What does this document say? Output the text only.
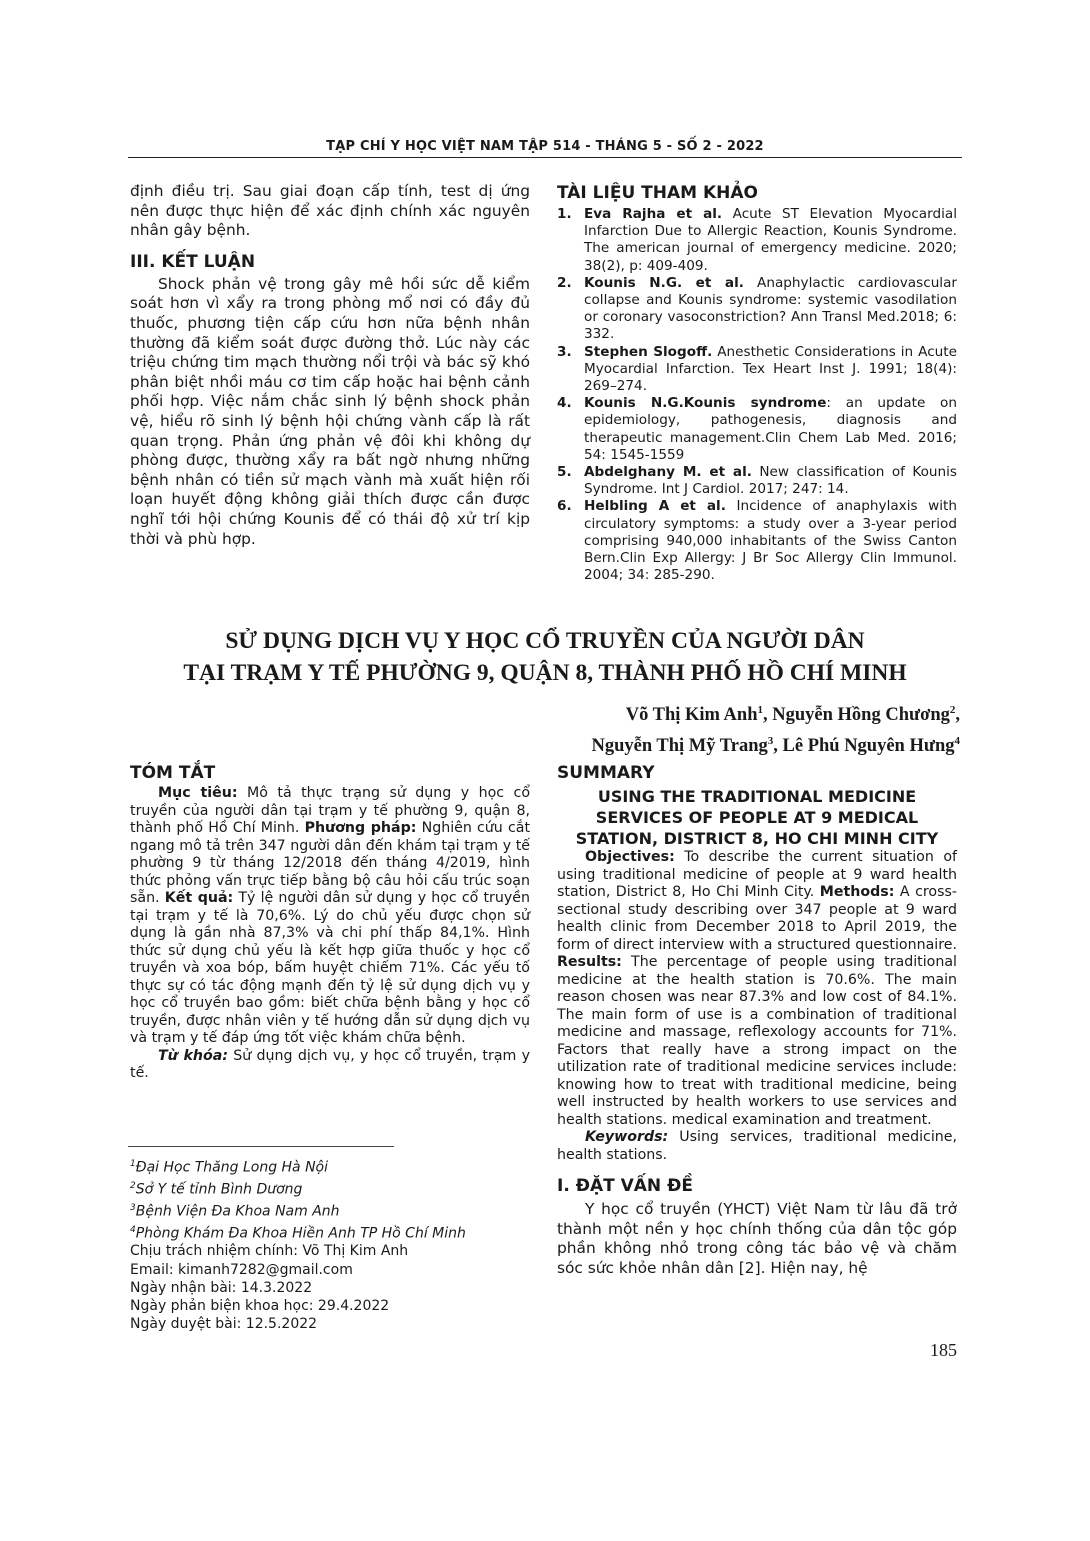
TẠP CHÍ Y HỌC VIỆT NAM TẬP 514 - THÁNG 5 - SỐ 2 - 2022

định điều trị. Sau giai đoạn cấp tính, test dị ứng nên được thực hiện để xác định chính xác nguyên nhân gây bệnh.

III. KẾT LUẬN

Shock phản vệ trong gây mê hồi sức dễ kiểm soát hơn vì xẩy ra trong phòng mổ nơi có đầy đủ thuốc, phương tiện cấp cứu hơn nữa bệnh nhân thường đã kiểm soát được đường thở. Lúc này các triệu chứng tim mạch thường nổi trội và bác sỹ khó phân biệt nhồi máu cơ tim cấp hoặc hai bệnh cảnh phối hợp. Việc nắm chắc sinh lý bệnh shock phản vệ, hiểu rõ sinh lý bệnh hội chứng vành cấp là rất quan trọng. Phản ứng phản vệ đôi khi không dự phòng được, thường xẩy ra bất ngờ nhưng những bệnh nhân có tiền sử mạch vành mà xuất hiện rối loạn huyết động không giải thích được cần được nghĩ tới hội chứng Kounis để có thái độ xử trí kịp thời và phù hợp.

TÀI LIỆU THAM KHẢO
1. Eva Rajha et al. Acute ST Elevation Myocardial Infarction Due to Allergic Reaction, Kounis Syndrome. The american journal of emergency medicine. 2020; 38(2), p: 409-409.
2. Kounis N.G. et al. Anaphylactic cardiovascular collapse and Kounis syndrome: systemic vasodilation or coronary vasoconstriction? Ann Transl Med.2018; 6: 332.
3. Stephen Slogoff. Anesthetic Considerations in Acute Myocardial Infarction. Tex Heart Inst J. 1991; 18(4): 269–274.
4. Kounis N.G.Kounis syndrome: an update on epidemiology, pathogenesis, diagnosis and therapeutic management.Clin Chem Lab Med. 2016; 54: 1545-1559
5. Abdelghany M. et al. New classification of Kounis Syndrome. Int J Cardiol. 2017; 247: 14.
6. Helbling A et al. Incidence of anaphylaxis with circulatory symptoms: a study over a 3-year period comprising 940,000 inhabitants of the Swiss Canton Bern.Clin Exp Allergy: J Br Soc Allergy Clin Immunol. 2004; 34: 285-290.
SỬ DỤNG DỊCH VỤ Y HỌC CỔ TRUYỀN CỦA NGƯỜI DÂN
TẠI TRẠM Y TẾ PHƯỜNG 9, QUẬN 8, THÀNH PHỐ HỒ CHÍ MINH
Võ Thị Kim Anh$^1$, Nguyễn Hồng Chương$^2$,
Nguyễn Thị Mỹ Trang$^3$, Lê Phú Nguyên Hưng$^4$
TÓM TẮT

Mục tiêu: Mô tả thực trạng sử dụng y học cổ truyền của người dân tại trạm y tế phường 9, quận 8, thành phố Hồ Chí Minh. Phương pháp: Nghiên cứu cắt ngang mô tả trên 347 người dân đến khám tại trạm y tế phường 9 từ tháng 12/2018 đến tháng 4/2019, hình thức phỏng vấn trực tiếp bằng bộ câu hỏi cấu trúc soạn sẵn. Kết quả: Tỷ lệ người dân sử dụng y học cổ truyền tại trạm y tế là 70,6%. Lý do chủ yếu được chọn sử dụng là gần nhà 87,3% và chi phí thấp 84,1%. Hình thức sử dụng chủ yếu là kết hợp giữa thuốc y học cổ truyền và xoa bóp, bấm huyệt chiếm 71%. Các yếu tố thực sự có tác động mạnh đến tỷ lệ sử dụng dịch vụ y học cổ truyền bao gồm: biết chữa bệnh bằng y học cổ truyền, được nhân viên y tế hướng dẫn sử dụng dịch vụ và trạm y tế đáp ứng tốt việc khám chữa bệnh.

Từ khóa: Sử dụng dịch vụ, y học cổ truyền, trạm y tế.

$^1$Đại Học Thăng Long Hà Nội
$^2$Sở Y tế tỉnh Bình Dương
$^3$Bệnh Viện Đa Khoa Nam Anh
$^4$Phòng Khám Đa Khoa Hiền Anh TP Hồ Chí Minh
Chịu trách nhiệm chính: Võ Thị Kim Anh
Email: kimanh7282@gmail.com
Ngày nhận bài: 14.3.2022
Ngày phản biện khoa học: 29.4.2022
Ngày duyệt bài: 12.5.2022
SUMMARY
USING THE TRADITIONAL MEDICINE
SERVICES OF PEOPLE AT 9 MEDICAL
STATION, DISTRICT 8, HO CHI MINH CITY

Objectives: To describe the current situation of using traditional medicine of people at 9 ward health station, District 8, Ho Chi Minh City. Methods: A cross-sectional study describing over 347 people at 9 ward health clinic from December 2018 to April 2019, the form of direct interview with a structured questionnaire. Results: The percentage of people using traditional medicine at the health station is 70.6%. The main reason chosen was near 87.3% and low cost of 84.1%. The main form of use is a combination of traditional medicine and massage, reflexology accounts for 71%. Factors that really have a strong impact on the utilization rate of traditional medicine services include: knowing how to treat with traditional medicine, being well instructed by health workers to use services and health stations. medical examination and treatment.

Keywords: Using services, traditional medicine, health stations.

I. ĐẶT VẤN ĐỀ

Y học cổ truyền (YHCT) Việt Nam từ lâu đã trở thành một nền y học chính thống của dân tộc góp phần không nhỏ trong công tác bảo vệ và chăm sóc sức khỏe nhân dân [2]. Hiện nay, hệ

185
